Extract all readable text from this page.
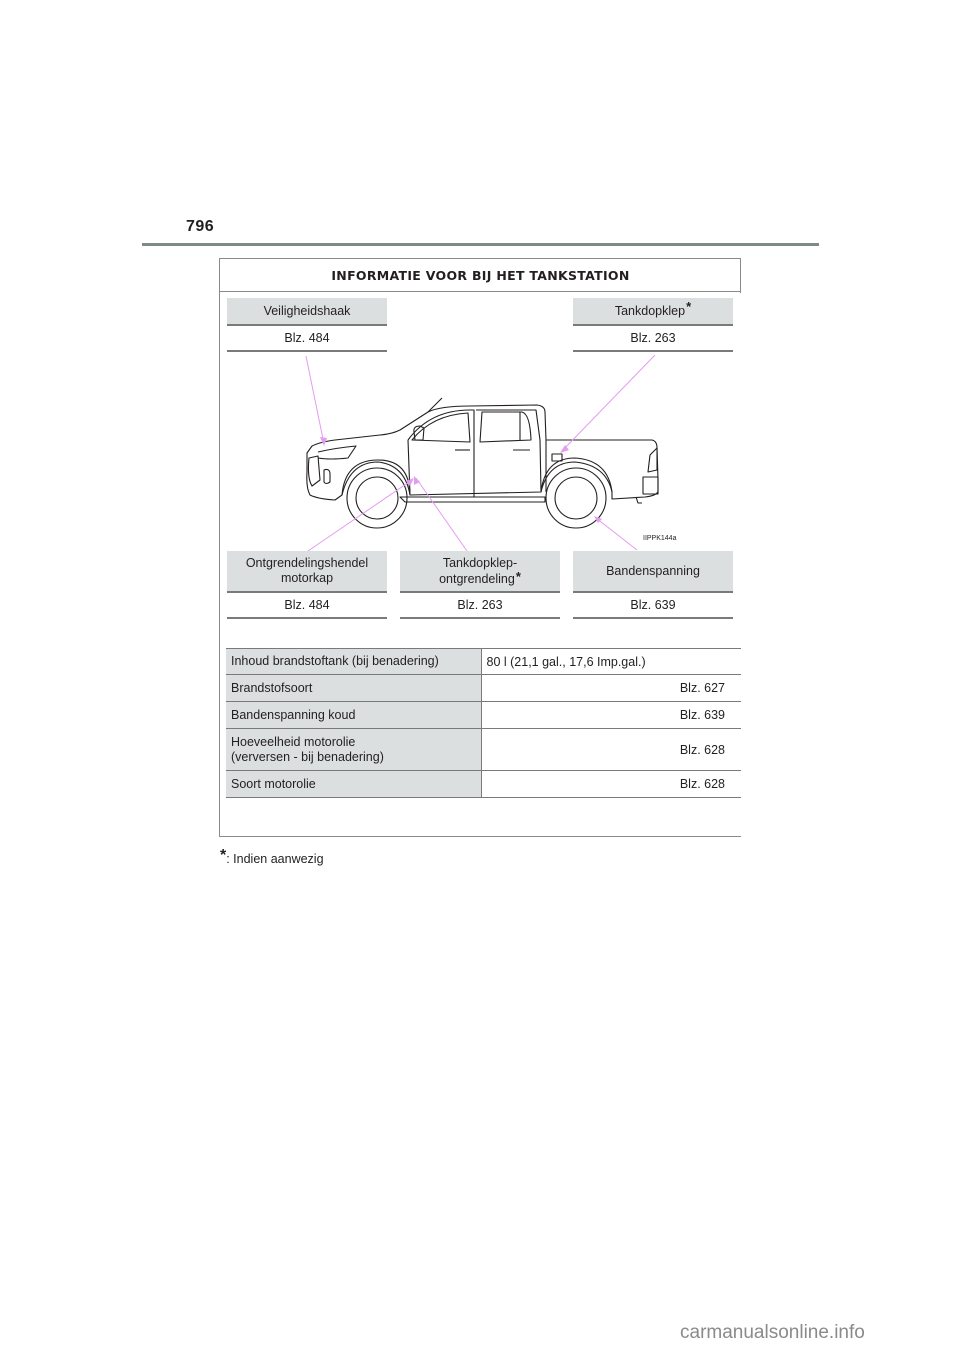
796
INFORMATIE VOOR BIJ HET TANKSTATION
Veiligheidshaak
Blz. 484
Tankdopklep *
Blz. 263
IIPPK144a
Ontgrendelingshendel
motorkap
Blz. 484
Tankdopklep-
ontgrendeling*
Blz. 263
Bandenspanning
Blz. 639
Inhoud brandstoftank (bij benadering)	80 l (21,1 gal., 17,6 Imp.gal.)
Brandstofsoort	Blz. 627
Bandenspanning koud	Blz. 639

Hoeveelheid motorolie
(verversen - bij benadering)	Blz. 628
Soort motorolie	Blz. 628
*: Indien aanwezig
carmanualsonline.info
